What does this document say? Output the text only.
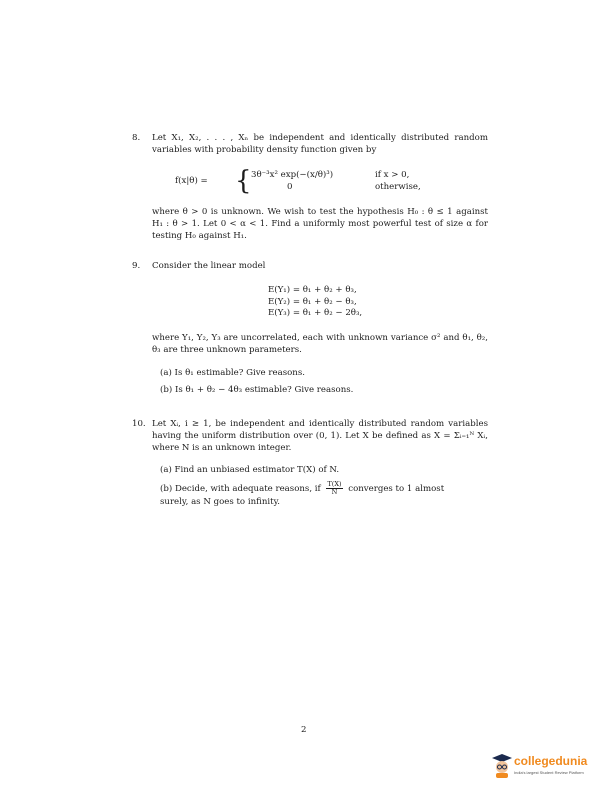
8. Let X₁, X₂, . . . , Xₙ be independent and identically distributed random variables with probability density function given by
f(x|θ) = { 3θ⁻³x² exp(−(x/θ)³)	if x > 0,
0	otherwise,
where θ > 0 is unknown. We wish to test the hypothesis H₀ : θ ≤ 1 against H₁ : θ > 1. Let 0 < α < 1. Find a uniformly most powerful test of size α for testing H₀ against H₁.
9. Consider the linear model
E(Y₁) = θ₁ + θ₂ + θ₃,
E(Y₂) = θ₁ + θ₂ − θ₃,
E(Y₃) = θ₁ + θ₂ − 2θ₃,
where Y₁, Y₂, Y₃ are uncorrelated, each with unknown variance σ² and θ₁, θ₂, θ₃ are three unknown parameters.
(a) Is θ₁ estimable? Give reasons.
(b) Is θ₁ + θ₂ − 4θ₃ estimable? Give reasons.
10. Let Xᵢ, i ≥ 1, be independent and identically distributed random variables having the uniform distribution over (0, 1). Let X be defined as X = Σᵢ₌₁ᴺ Xᵢ, where N is an unknown integer.
(a) Find an unbiased estimator T(X) of N.
(b) Decide, with adequate reasons, if $\frac{T(X)}{N}$ converges to 1 almost surely, as N goes to infinity.
2
collegedunia
India's largest Student Review Platform
